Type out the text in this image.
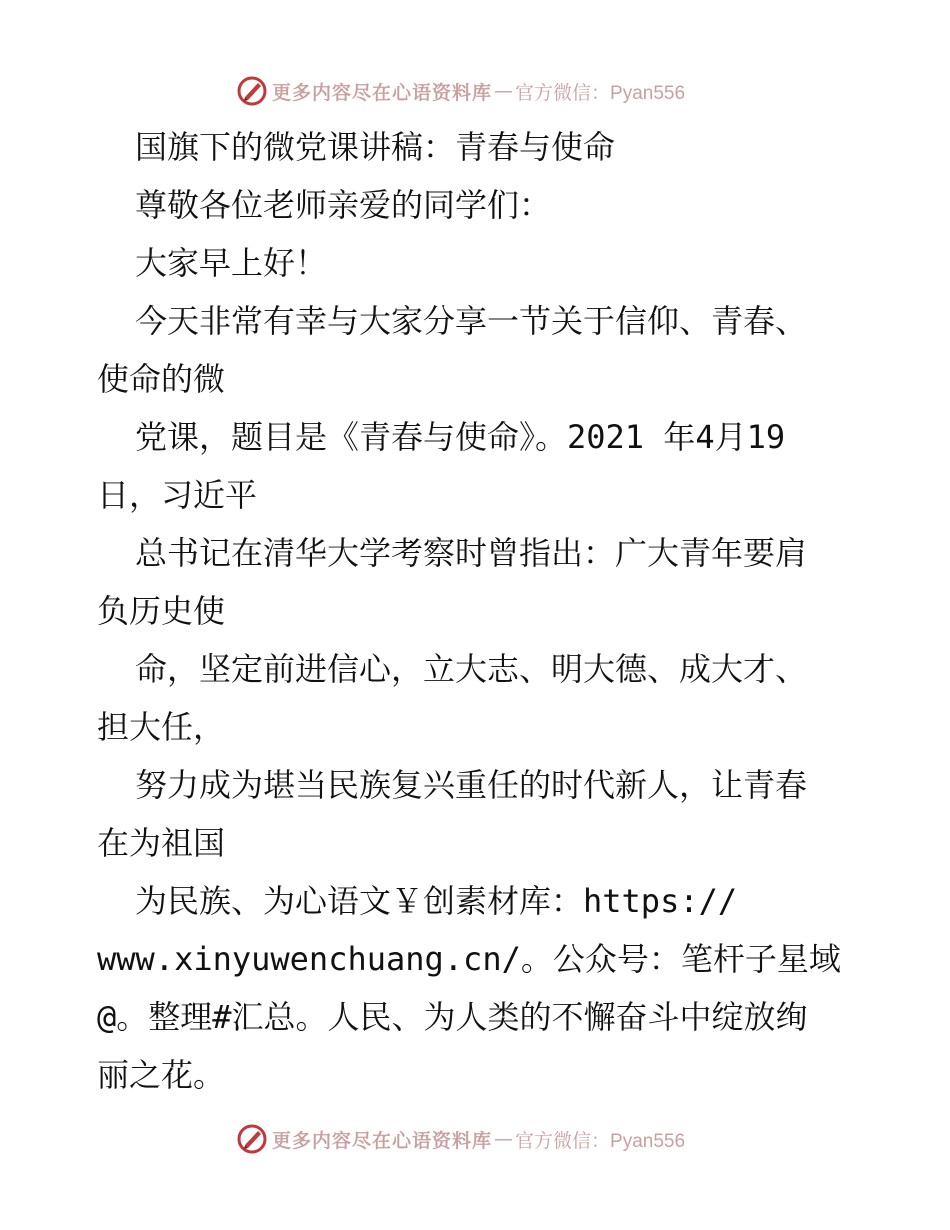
更多内容尽在心语资料库 — 官方微信：Pyan556
国旗下的微党课讲稿：青春与使命
尊敬各位老师亲爱的同学们：
大家早上好！
今天非常有幸与大家分享一节关于信仰、青春、
使命的微
党课，题目是《青春与使命》。2021 年4月19
日，习近平
总书记在清华大学考察时曾指出：广大青年要肩
负历史使
命，坚定前进信心，立大志、明大德、成大才、
担大任，
努力成为堪当民族复兴重任的时代新人，让青春
在为祖国
为民族、为心语文￥创素材库：https://
www.xinyuwenchuang.cn/。公众号：笔杆子星域
@。整理#汇总。人民、为人类的不懈奋斗中绽放绚
丽之花。
更多内容尽在心语资料库 — 官方微信：Pyan556
